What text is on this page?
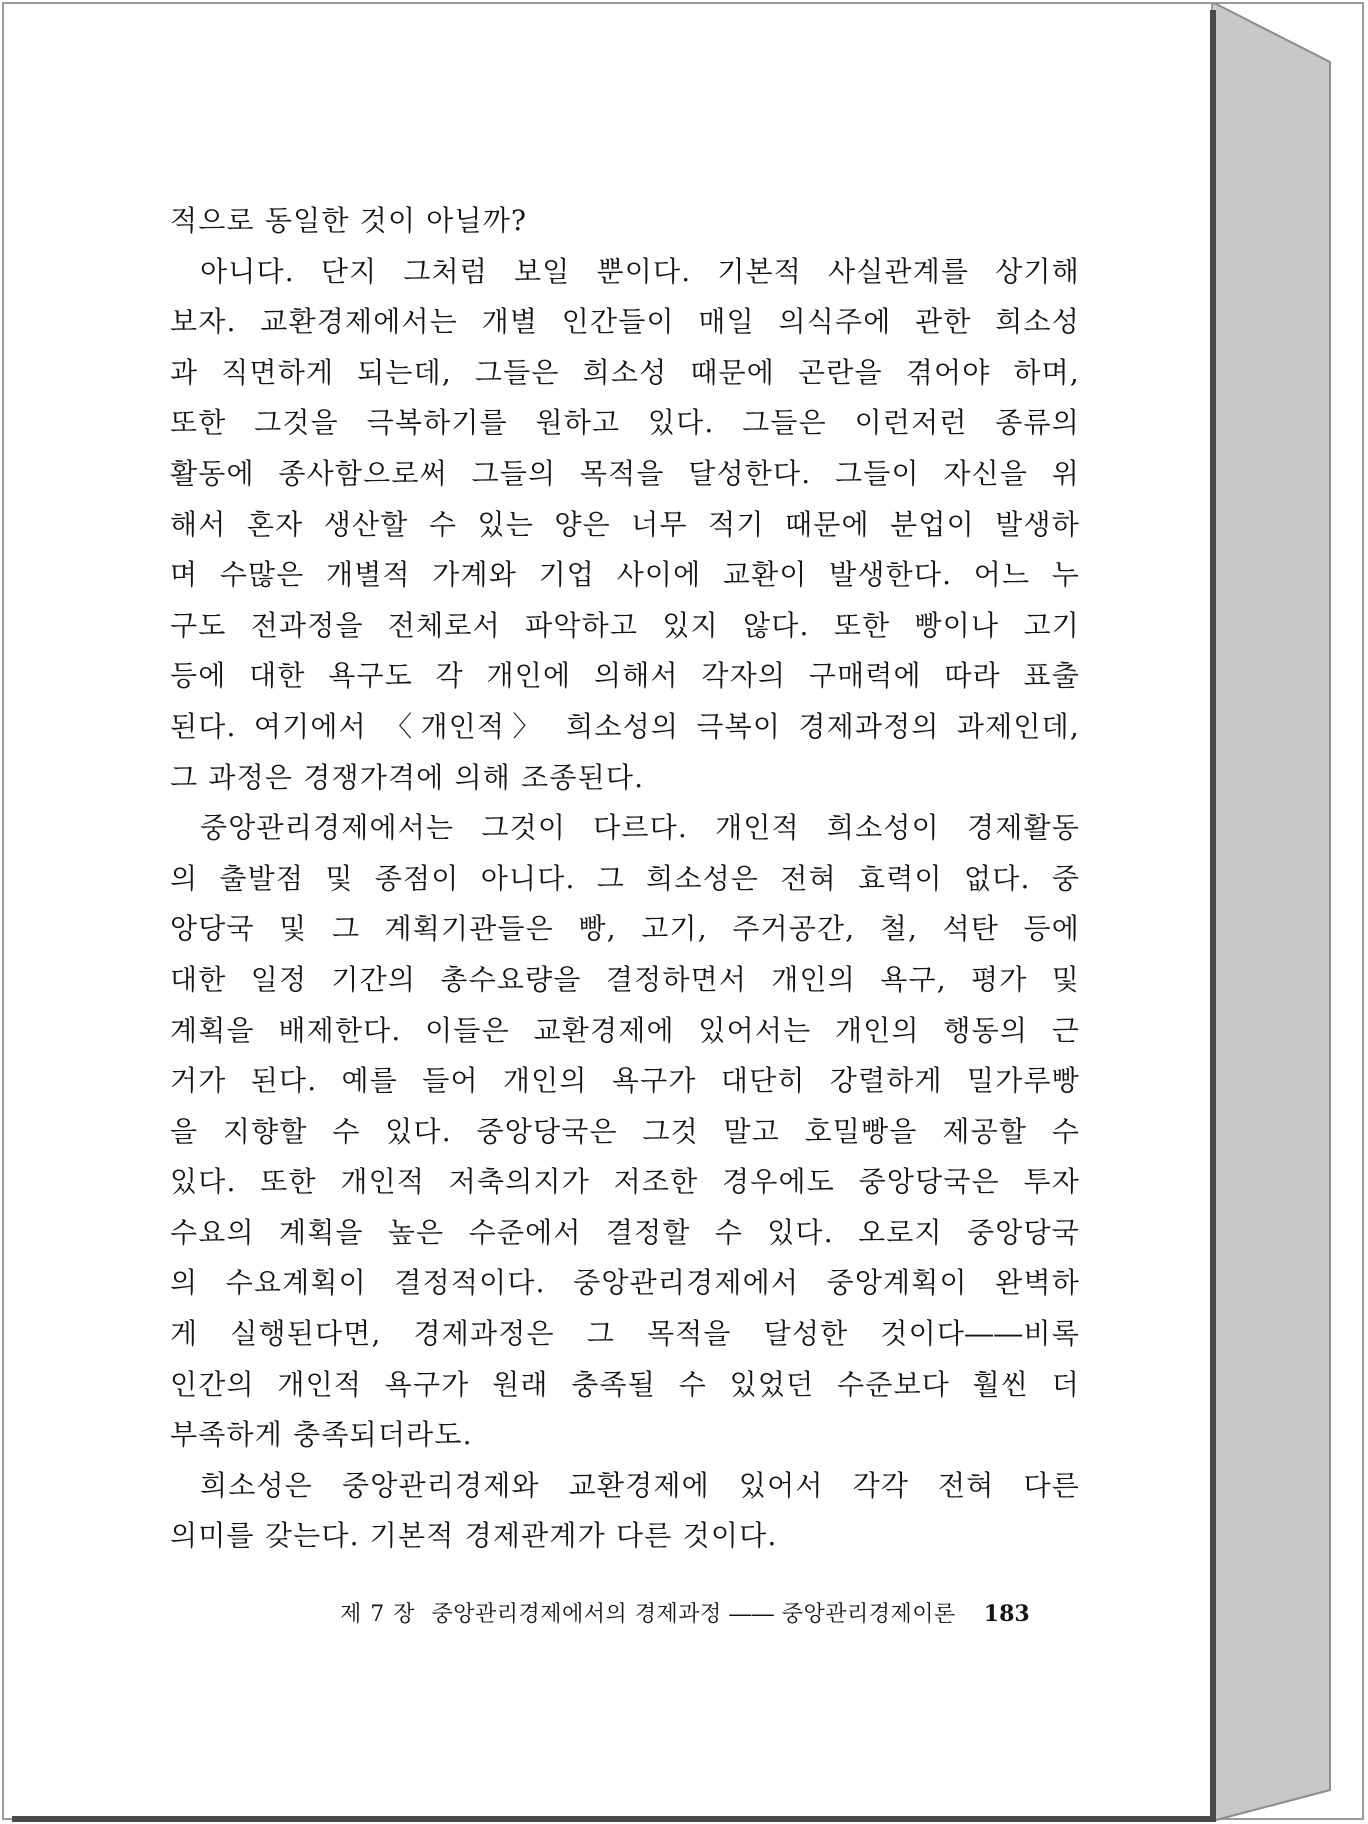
적으로 동일한 것이 아닐까?
아니다. 단지 그처럼 보일 뿐이다. 기본적 사실관계를 상기해
보자. 교환경제에서는 개별 인간들이 매일 의식주에 관한 희소성
과 직면하게 되는데, 그들은 희소성 때문에 곤란을 겪어야 하며,
또한 그것을 극복하기를 원하고 있다. 그들은 이런저런 종류의
활동에 종사함으로써 그들의 목적을 달성한다. 그들이 자신을 위
해서 혼자 생산할 수 있는 양은 너무 적기 때문에 분업이 발생하
며 수많은 개별적 가계와 기업 사이에 교환이 발생한다. 어느 누
구도 전과정을 전체로서 파악하고 있지 않다. 또한 빵이나 고기
등에 대한 욕구도 각 개인에 의해서 각자의 구매력에 따라 표출
된다. 여기에서 〈개인적〉 희소성의 극복이 경제과정의 과제인데,
그 과정은 경쟁가격에 의해 조종된다.
중앙관리경제에서는 그것이 다르다. 개인적 희소성이 경제활동
의 출발점 및 종점이 아니다. 그 희소성은 전혀 효력이 없다. 중
앙당국 및 그 계획기관들은 빵, 고기, 주거공간, 철, 석탄 등에
대한 일정 기간의 총수요량을 결정하면서 개인의 욕구, 평가 및
계획을 배제한다. 이들은 교환경제에 있어서는 개인의 행동의 근
거가 된다. 예를 들어 개인의 욕구가 대단히 강렬하게 밀가루빵
을 지향할 수 있다. 중앙당국은 그것 말고 호밀빵을 제공할 수
있다. 또한 개인적 저축의지가 저조한 경우에도 중앙당국은 투자
수요의 계획을 높은 수준에서 결정할 수 있다. 오로지 중앙당국
의 수요계획이 결정적이다. 중앙관리경제에서 중앙계획이 완벽하
게 실행된다면, 경제과정은 그 목적을 달성한 것이다――비록
인간의 개인적 욕구가 원래 충족될 수 있었던 수준보다 훨씬 더
부족하게 충족되더라도.
희소성은 중앙관리경제와 교환경제에 있어서 각각 전혀 다른
의미를 갖는다. 기본적 경제관계가 다른 것이다.
제 7 장 중앙관리경제에서의 경제과정 ―― 중앙관리경제이론 183
